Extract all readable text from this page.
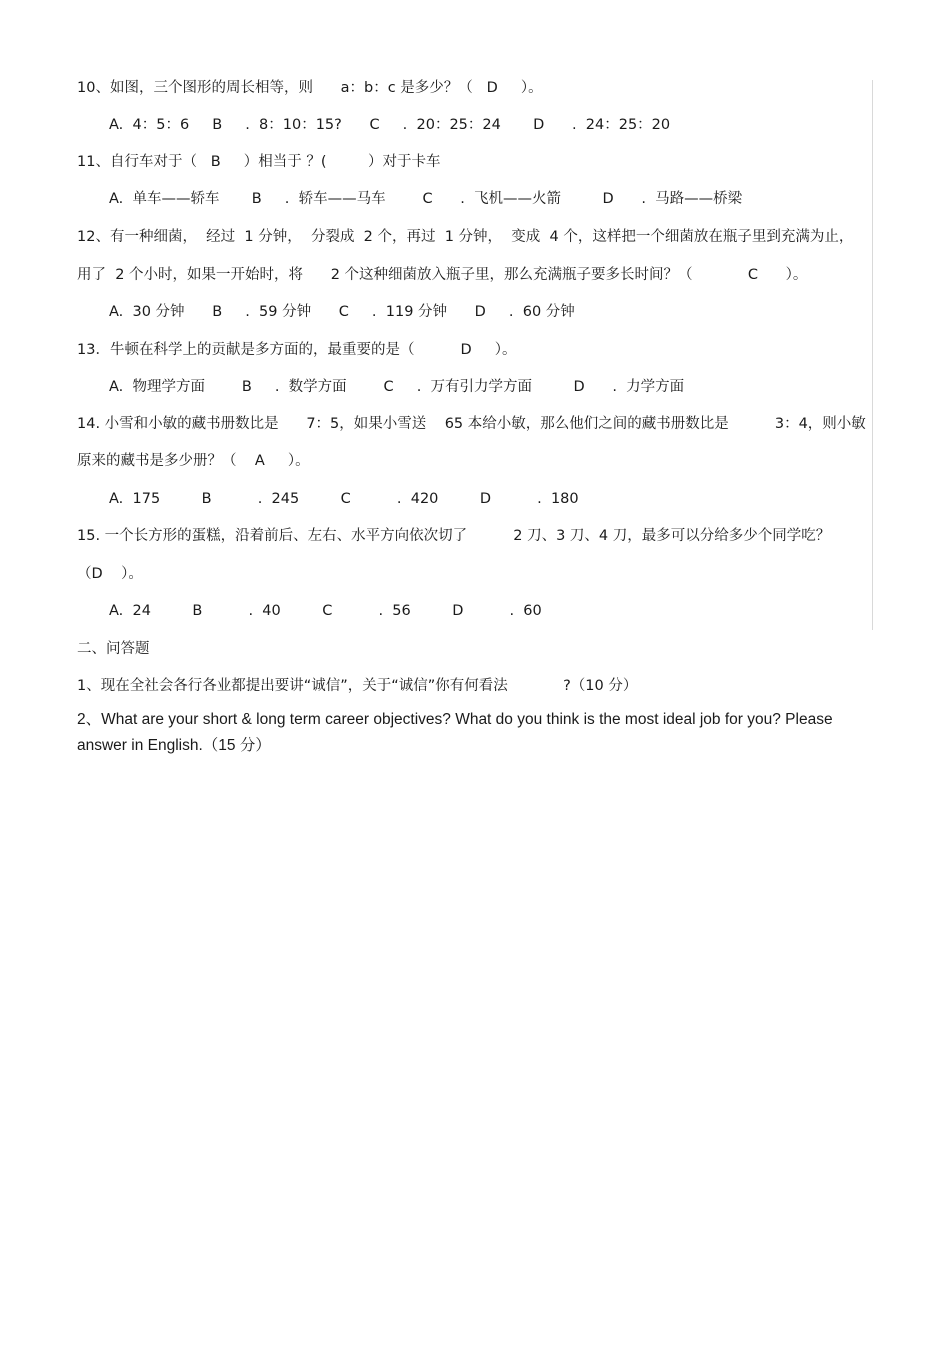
10、如图，三个图形的周长相等，则      a：b：c 是多少？（   D     ）。
A.  4：5：6     B     .  8：10：15?      C     .  20：25：24       D      .  24：25：20
11、自行车对于（   B     ）相当于 ？(         ）对于卡车
A.  单车——轿车       B     .  轿车——马车        C      .  飞机——火箭         D      .  马路——桥梁
12、有一种细菌，  经过  1 分钟，  分裂成  2 个，再过  1 分钟，  变成  4 个，这样把一个细菌放在瓶子里到充满为止，
用了  2 个小时，如果一开始时，将      2 个这种细菌放入瓶子里，那么充满瓶子要多长时间？（            C      ）。
A.  30 分钟      B     .  59 分钟      C     .  119 分钟      D     .  60 分钟
13．牛顿在科学上的贡献是多方面的，最重要的是（          D     ）。
A.  物理学方面        B     .  数学方面        C     .  万有引力学方面         D      .  力学方面
14. 小雪和小敏的藏书册数比是      7：5，如果小雪送    65 本给小敏，那么他们之间的藏书册数比是          3：4，则小敏
原来的藏书是多少册？（    A     ）。
A.  175         B          .  245         C          .  420         D          .  180
15. 一个长方形的蛋糕，沿着前后、左右、水平方向依次切了          2 刀、3 刀、4 刀，最多可以分给多少个同学吃？
（D    ）。
A.  24         B          .  40         C          .  56         D          .  60
二、问答题
1、现在全社会各行各业都提出要讲“诚信”，关于“诚信”你有何看法            ?（10 分）
2、What are your short & long term career objectives? What do you think is the most ideal job for you? Please
answer in English.（15 分）
